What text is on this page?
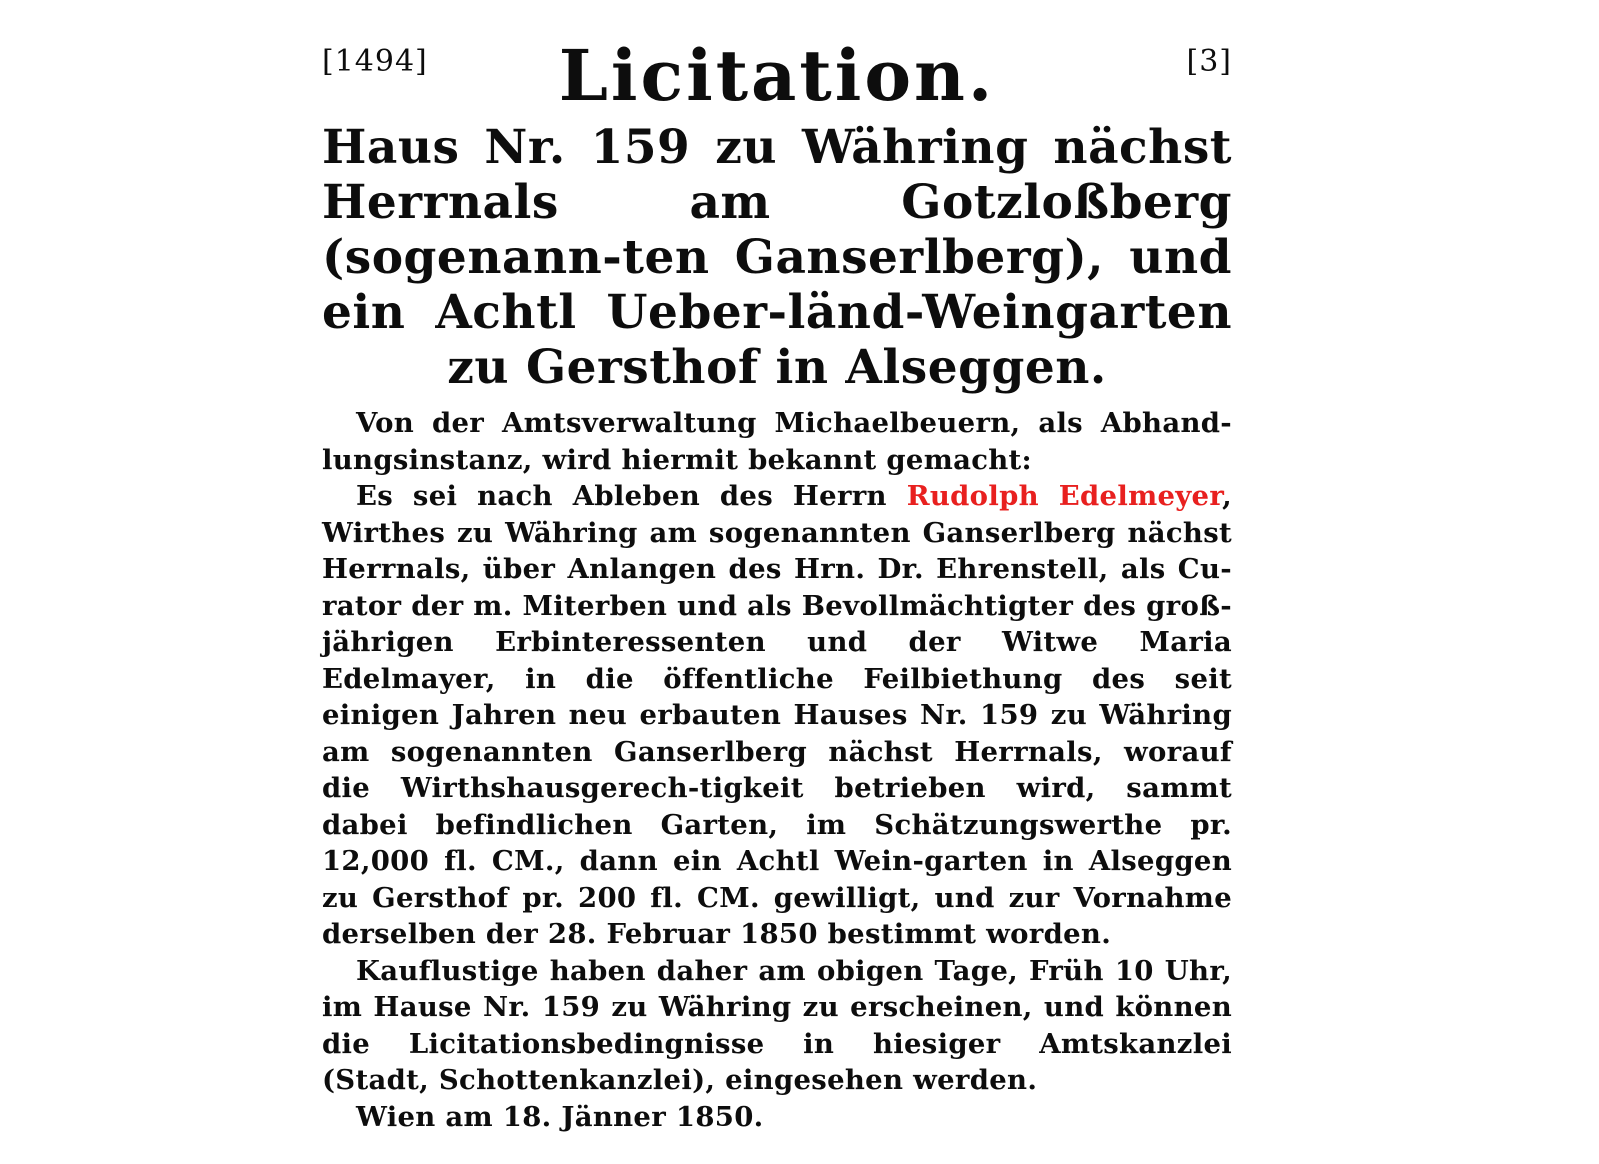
[1494]	Licitation.	[3]
Haus Nr. 159 zu Währing nächst Herrnals am Gotzloßberg (sogenann-ten Ganserlberg), und ein Achtl Ueber-länd-Weingarten zu Gersthof in Alseggen.

Von der Amtsverwaltung Michaelbeuern, als Abhand-lungsinstanz, wird hiermit bekannt gemacht:

Es sei nach Ableben des Herrn Rudolph Edelmeyer, Wirthes zu Währing am sogenannten Ganserlberg nächst Herrnals, über Anlangen des Hrn. Dr. Ehrenstell, als Cu-rator der m. Miterben und als Bevollmächtigter des groß-jährigen Erbinteressenten und der Witwe Maria Edelmayer, in die öffentliche Feilbiethung des seit einigen Jahren neu erbauten Hauses Nr. 159 zu Währing am sogenannten Ganserlberg nächst Herrnals, worauf die Wirthshausgerech-tigkeit betrieben wird, sammt dabei befindlichen Garten, im Schätzungswerthe pr. 12,000 fl. CM., dann ein Achtl Wein-garten in Alseggen zu Gersthof pr. 200 fl. CM. gewilligt, und zur Vornahme derselben der 28. Februar 1850 bestimmt worden.

Kauflustige haben daher am obigen Tage, Früh 10 Uhr, im Hause Nr. 159 zu Währing zu erscheinen, und können die Licitationsbedingnisse in hiesiger Amtskanzlei (Stadt, Schottenkanzlei), eingesehen werden.

Wien am 18. Jänner 1850.
